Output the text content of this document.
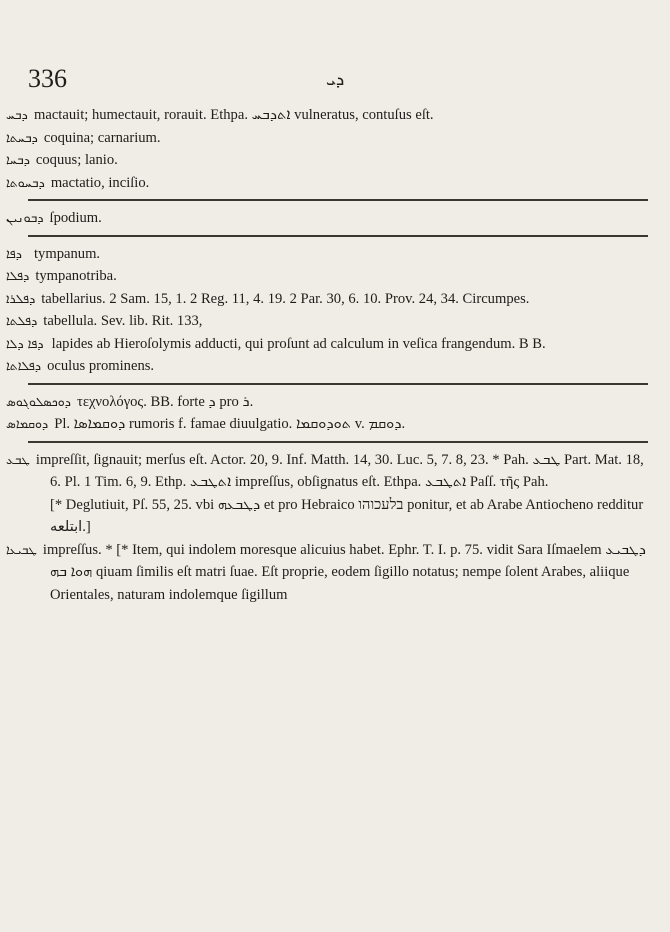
336	ܕܝ
ܕܒܚ mactauit; humectauit, rorauit. Ethpa. ܐܬܕܒܚ vulneratus, contuſus eſt.
ܕܒܚܬܐ coquina; carnarium.
ܕܒܚܐ coquus; lanio.
ܕܒܚܘܬܐ mactatio, inciſio.
ܕܒܘܢܝܢ ſpodium.
ܕܦܐ tympanum.
ܕܦܠܐ tympanotriba.
ܕܦܠܪܐ tabellarius. 2 Sam. 15, 1. 2 Reg. 11, 4. 19. 2 Par. 30, 6. 10. Prov. 24, 34. Circumpes.
ܕܦܠܬܐ tabellula. Sev. lib. Rit. 133,
ܕܦܐ ܕܠܐ lapides ab Hieroſolymis adducti, qui proſunt ad calculum in veſica frangendum. B B.
ܕܦܠܐܬܐ oculus prominens.
ܕܘܟܣܠܘܓܘܣ τεχνολόγος. BB. forte ܕ pro ܪ.
ܕܘܩܡܐܣ Pl. ܕܘܩܡܐܣܐ rumoris f. famae diuulgatio. ܬܘܕܘܩܡܐ v. ܕܘܩܡ.
ܛܒܥ impreſſit, ſignauit; merſus eſt. Actor. 20, 9. Inf. Matth. 14, 30. Luc. 5, 7. 8, 23. * Pah. ܛܒܥ Part. Mat. 18, 6. Pl. 1 Tim. 6, 9. Ethp. ܐܬܛܒܥ impreſſus, obſignatus eſt. Ethpa. ܐܬܛܒܥ Paſſ. τῆς Pah.
[* Deglutiuit, Pſ. 55, 25. vbi ܕܛܒܥܗ et pro Hebraico בלעכוהו ponitur, et ab Arabe Antiocheno redditur ابتلعه.]
ܛܒܝܥܐ impreſſus. * [* Item, qui indolem moresque alicuius habet. Ephr. T. I. p. 75. vidit Sara Iſmaelem ܕܛܒܝܥ ܗܘܐ ܒܗ qiuam ſimilis eſt matri ſuae. Eſt proprie, eodem ſigillo notatus; nempe ſolent Arabes, aliique Orientales, naturam indolemque ſigillum
